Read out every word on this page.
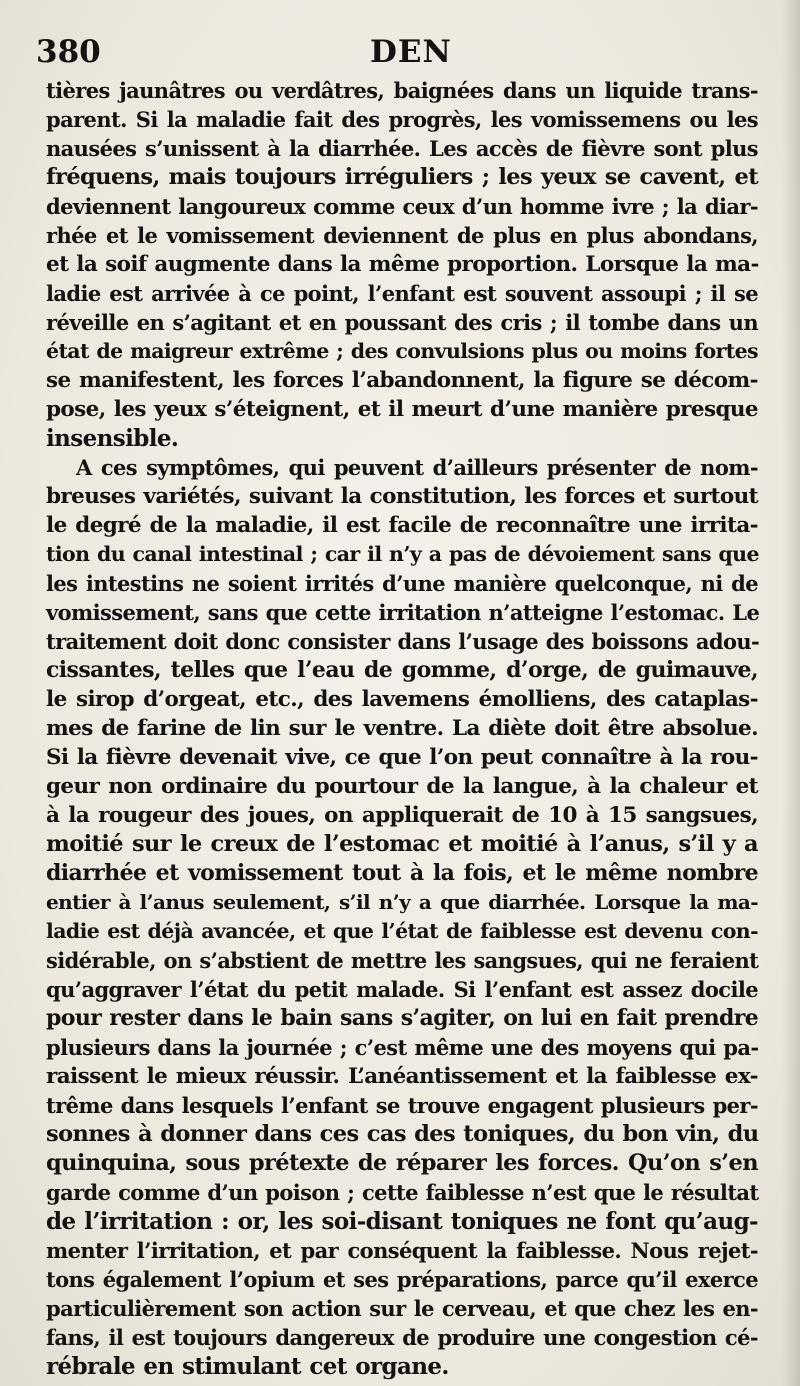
380	DEN
tières jaunâtres ou verdâtres, baignées dans un liquide trans-
parent. Si la maladie fait des progrès, les vomissemens ou les
nausées s’unissent à la diarrhée. Les accès de fièvre sont plus
fréquens, mais toujours irréguliers ; les yeux se cavent, et
deviennent langoureux comme ceux d’un homme ivre ; la diar-
rhée et le vomissement deviennent de plus en plus abondans,
et la soif augmente dans la même proportion. Lorsque la ma-
ladie est arrivée à ce point, l’enfant est souvent assoupi ; il se
réveille en s’agitant et en poussant des cris ; il tombe dans un
état de maigreur extrême ; des convulsions plus ou moins fortes
se manifestent, les forces l’abandonnent, la figure se décom-
pose, les yeux s’éteignent, et il meurt d’une manière presque
insensible.
A ces symptômes, qui peuvent d’ailleurs présenter de nom-
breuses variétés, suivant la constitution, les forces et surtout
le degré de la maladie, il est facile de reconnaître une irrita-
tion du canal intestinal ; car il n’y a pas de dévoiement sans que
les intestins ne soient irrités d’une manière quelconque, ni de
vomissement, sans que cette irritation n’atteigne l’estomac. Le
traitement doit donc consister dans l’usage des boissons adou-
cissantes, telles que l’eau de gomme, d’orge, de guimauve,
le sirop d’orgeat, etc., des lavemens émolliens, des cataplas-
mes de farine de lin sur le ventre. La diète doit être absolue.
Si la fièvre devenait vive, ce que l’on peut connaître à la rou-
geur non ordinaire du pourtour de la langue, à la chaleur et
à la rougeur des joues, on appliquerait de 10 à 15 sangsues,
moitié sur le creux de l’estomac et moitié à l’anus, s’il y a
diarrhée et vomissement tout à la fois, et le même nombre
entier à l’anus seulement, s’il n’y a que diarrhée. Lorsque la ma-
ladie est déjà avancée, et que l’état de faiblesse est devenu con-
sidérable, on s’abstient de mettre les sangsues, qui ne feraient
qu’aggraver l’état du petit malade. Si l’enfant est assez docile
pour rester dans le bain sans s’agiter, on lui en fait prendre
plusieurs dans la journée ; c’est même une des moyens qui pa-
raissent le mieux réussir. L’anéantissement et la faiblesse ex-
trême dans lesquels l’enfant se trouve engagent plusieurs per-
sonnes à donner dans ces cas des toniques, du bon vin, du
quinquina, sous prétexte de réparer les forces. Qu’on s’en
garde comme d’un poison ; cette faiblesse n’est que le résultat
de l’irritation : or, les soi-disant toniques ne font qu’aug-
menter l’irritation, et par conséquent la faiblesse. Nous rejet-
tons également l’opium et ses préparations, parce qu’il exerce
particulièrement son action sur le cerveau, et que chez les en-
fans, il est toujours dangereux de produire une congestion cé-
rébrale en stimulant cet organe.
